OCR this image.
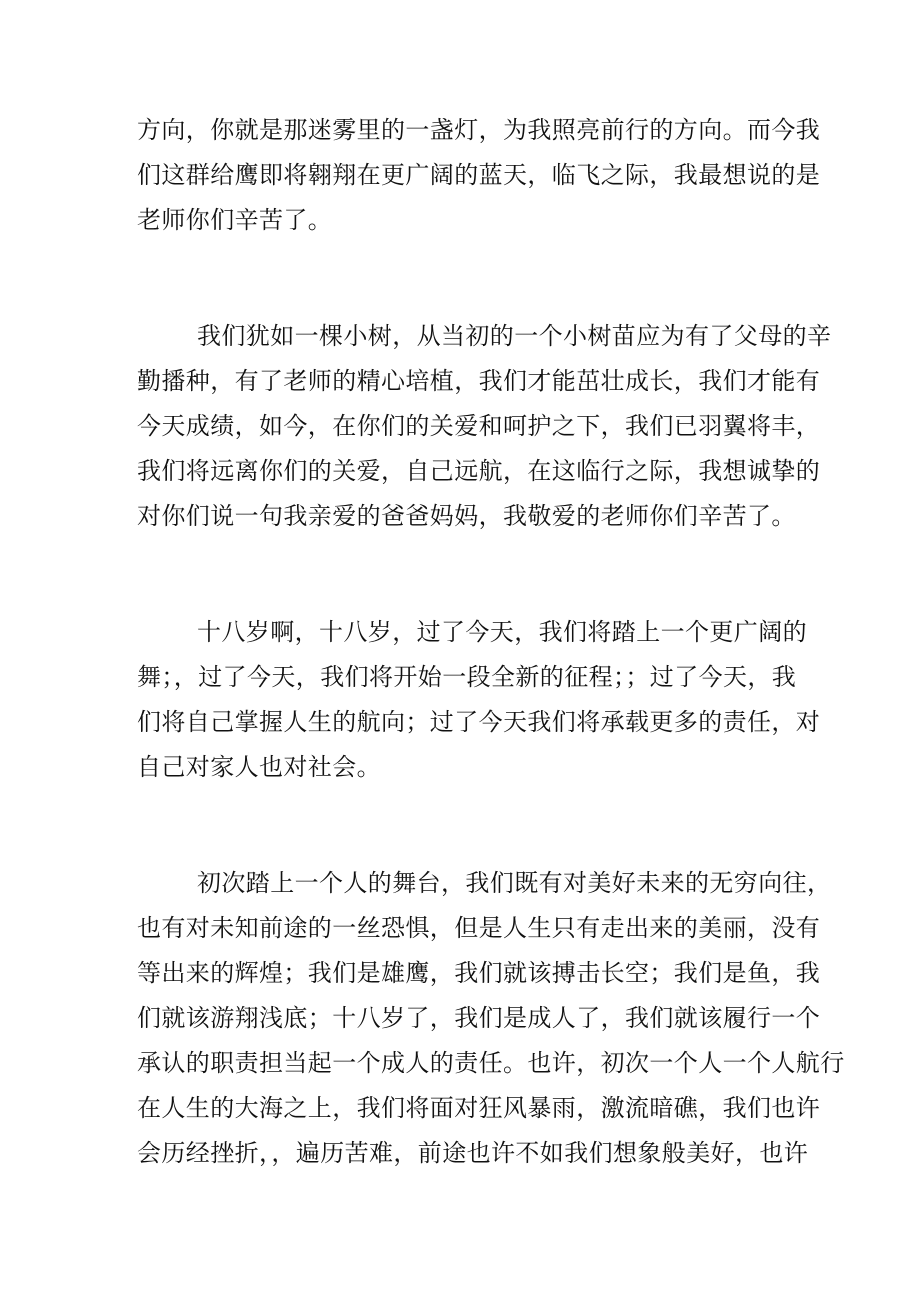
方向，你就是那迷雾里的一盏灯，为我照亮前行的方向。而今我
们这群给鹰即将翱翔在更广阔的蓝天，临飞之际，我最想说的是
老师你们辛苦了。
我们犹如一棵小树，从当初的一个小树苗应为有了父母的辛
勤播种，有了老师的精心培植，我们才能茁壮成长，我们才能有
今天成绩，如今，在你们的关爱和呵护之下，我们已羽翼将丰，
我们将远离你们的关爱，自己远航，在这临行之际，我想诚挚的
对你们说一句我亲爱的爸爸妈妈，我敬爱的老师你们辛苦了。
十八岁啊，十八岁，过了今天，我们将踏上一个更广阔的
舞；，过了今天，我们将开始一段全新的征程；；过了今天，我
们将自己掌握人生的航向；过了今天我们将承载更多的责任，对
自己对家人也对社会。
初次踏上一个人的舞台，我们既有对美好未来的无穷向往，
也有对未知前途的一丝恐惧，但是人生只有走出来的美丽，没有
等出来的辉煌；我们是雄鹰，我们就该搏击长空；我们是鱼，我
们就该游翔浅底；十八岁了，我们是成人了，我们就该履行一个
承认的职责担当起一个成人的责任。也许，初次一个人一个人航行
在人生的大海之上，我们将面对狂风暴雨，激流暗礁，我们也许
会历经挫折，，遍历苦难，前途也许不如我们想象般美好，也许
